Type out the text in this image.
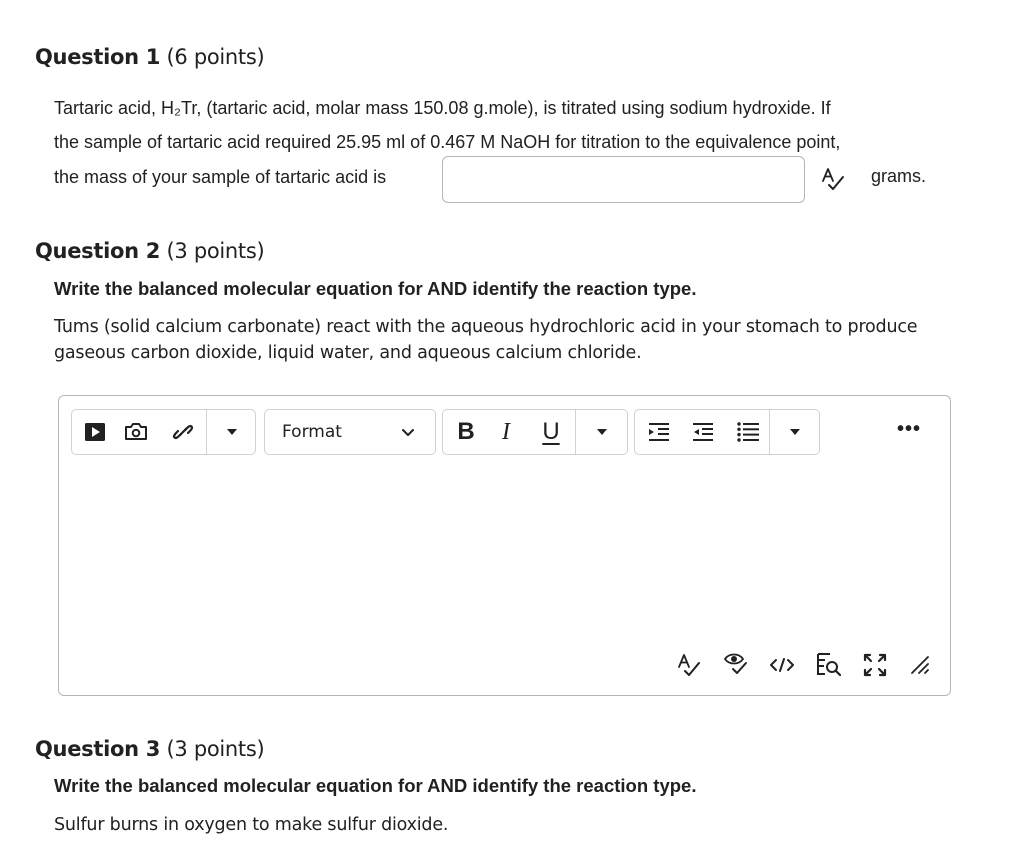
Question 1 (6 points)
Tartaric acid, H₂Tr, (tartaric acid, molar mass 150.08 g.mole), is titrated using sodium hydroxide. If
the sample of tartaric acid required 25.95 ml of 0.467 M NaOH for titration to the equivalence point,
the mass of your sample of tartaric acid is	grams.
Question 2 (3 points)
Write the balanced molecular equation for AND identify the reaction type.
Tums (solid calcium carbonate) react with the aqueous hydrochloric acid in your stomach to produce
gaseous carbon dioxide, liquid water, and aqueous calcium chloride.
Format	B	I	U	•••
Question 3 (3 points)
Write the balanced molecular equation for AND identify the reaction type.
Sulfur burns in oxygen to make sulfur dioxide.
